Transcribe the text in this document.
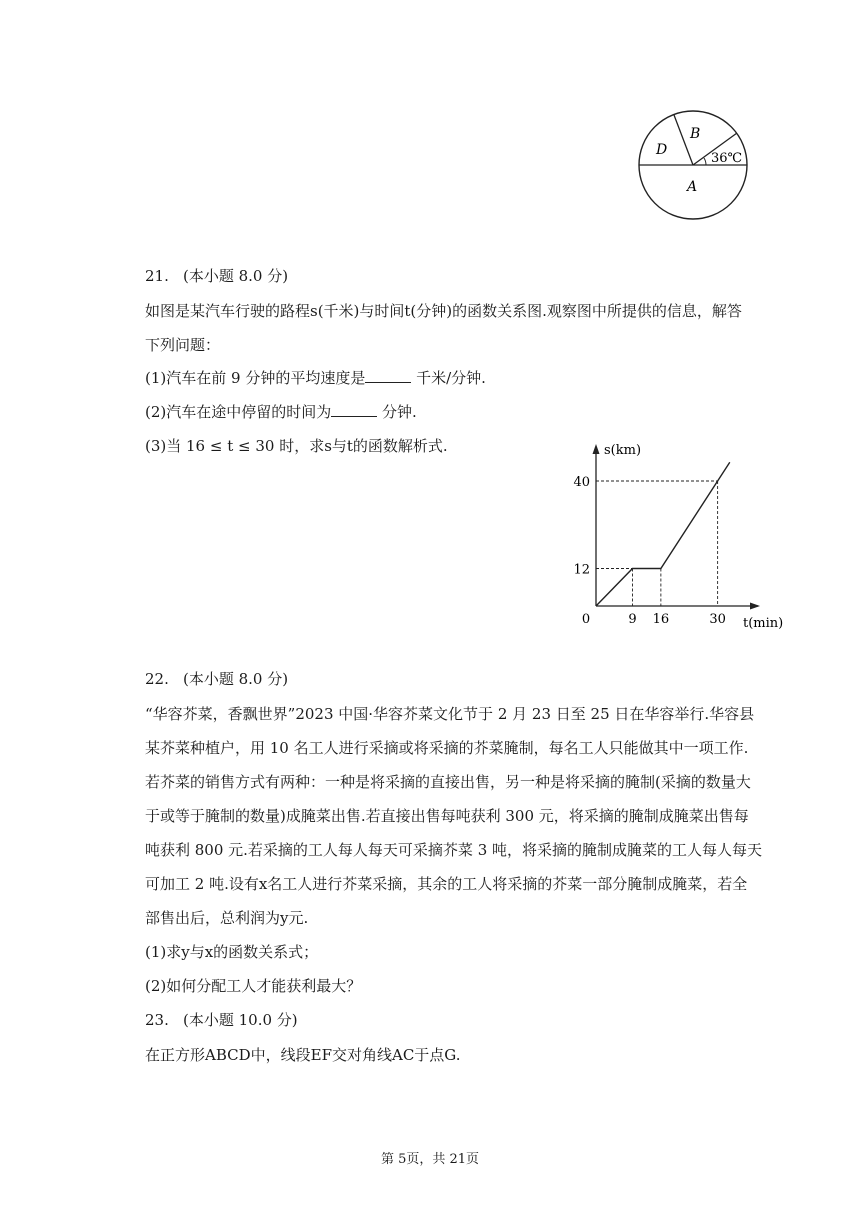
B
D
36℃
A
21. (本小题 8.0 分)
如图是某汽车行驶的路程s(千米)与时间t(分钟)的函数关系图.观察图中所提供的信息，解答
下列问题：
(1)汽车在前 9 分钟的平均速度是	千米/分钟.
(2)汽车在途中停留的时间为	分钟.
(3)当 16 ≤ t ≤ 30 时，求s与t的函数解析式.
9 16	30
12
40
0
s(km)
t(min)
22. (本小题 8.0 分)
“华容芥菜，香飘世界”2023 中国·华容芥菜文化节于 2 月 23 日至 25 日在华容举行.华容县
某芥菜种植户，用 10 名工人进行采摘或将采摘的芥菜腌制，每名工人只能做其中一项工作.
若芥菜的销售方式有两种：一种是将采摘的直接出售，另一种是将采摘的腌制(采摘的数量大
于或等于腌制的数量)成腌菜出售.若直接出售每吨获利 300 元，将采摘的腌制成腌菜出售每
吨获利 800 元.若采摘的工人每人每天可采摘芥菜 3 吨，将采摘的腌制成腌菜的工人每人每天
可加工 2 吨.设有x名工人进行芥菜采摘，其余的工人将采摘的芥菜一部分腌制成腌菜，若全
部售出后，总利润为y元.
(1)求y与x的函数关系式；
(2)如何分配工人才能获利最大？
23. (本小题 10.0 分)
在正方形ABCD中，线段EF交对角线AC于点G.
第 5页，共 21页
